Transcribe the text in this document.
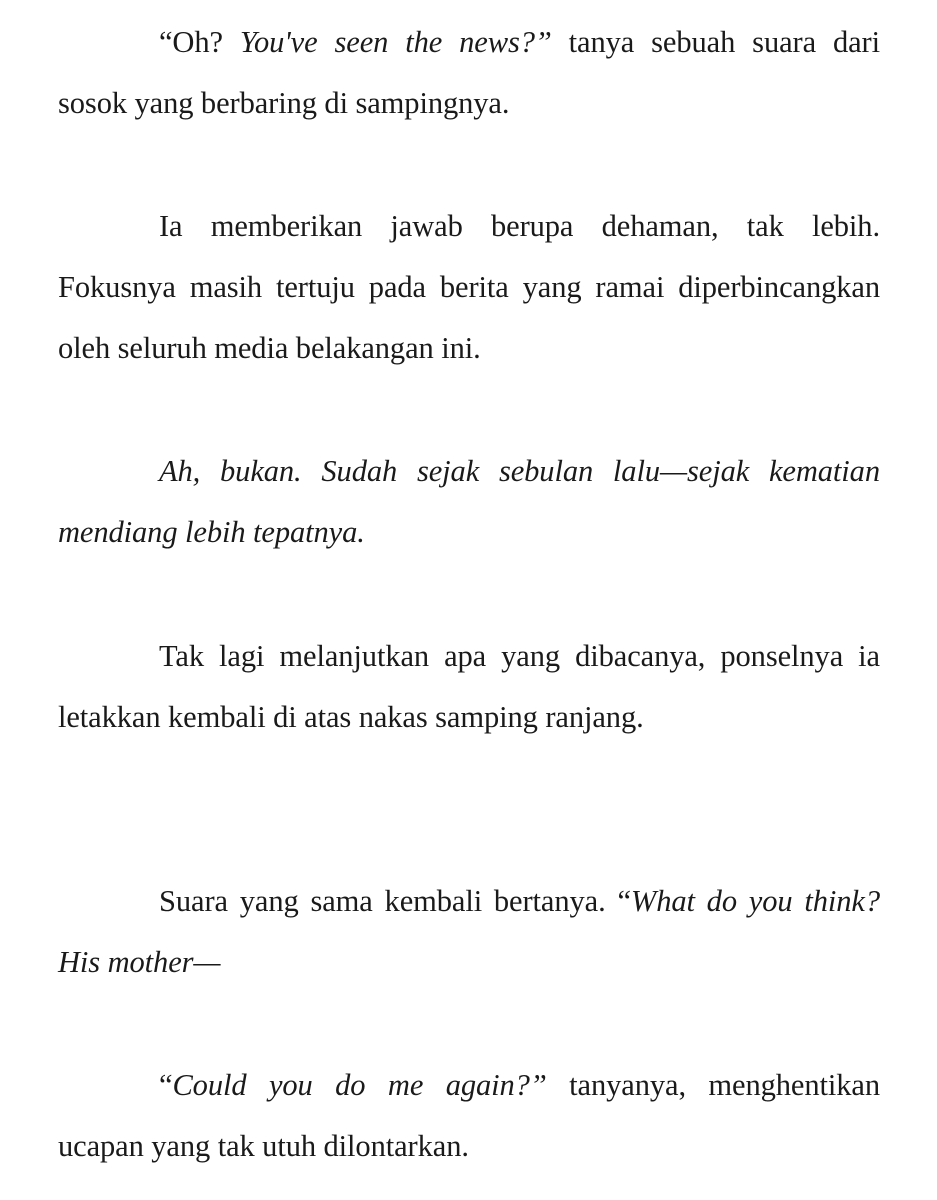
“Oh? You've seen the news?” tanya sebuah suara dari sosok yang berbaring di sampingnya.

Ia memberikan jawab berupa dehaman, tak lebih. Fokusnya masih tertuju pada berita yang ramai diperbincangkan oleh seluruh media belakangan ini.

Ah, bukan. Sudah sejak sebulan lalu—sejak kematian mendiang lebih tepatnya.

Tak lagi melanjutkan apa yang dibacanya, ponselnya ia letakkan kembali di atas nakas samping ranjang.

Suara yang sama kembali bertanya. “What do you think? His mother—

“Could you do me again?” tanyanya, menghentikan ucapan yang tak utuh dilontarkan.
